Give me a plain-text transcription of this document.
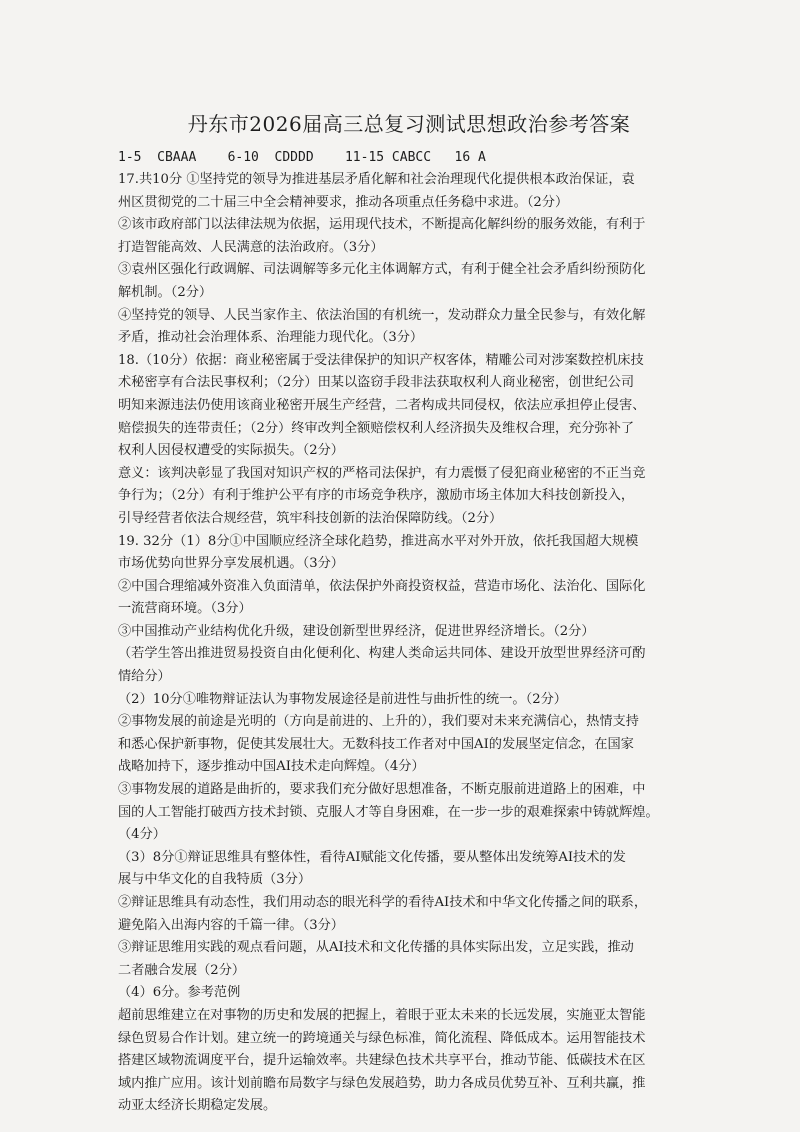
丹东市2026届高三总复习测试思想政治参考答案
1-5  CBAAA    6-10  CDDDD    11-15 CABCC   16 A
17.共10分 ①坚持党的领导为推进基层矛盾化解和社会治理现代化提供根本政治保证，袁
州区贯彻党的二十届三中全会精神要求，推动各项重点任务稳中求进。（2分）
②该市政府部门以法律法规为依据，运用现代技术，不断提高化解纠纷的服务效能，有利于
打造智能高效、人民满意的法治政府。（3分）
③袁州区强化行政调解、司法调解等多元化主体调解方式，有利于健全社会矛盾纠纷预防化
解机制。（2分）
④坚持党的领导、人民当家作主、依法治国的有机统一，发动群众力量全民参与，有效化解
矛盾，推动社会治理体系、治理能力现代化。（3分）
18.（10分）依据：商业秘密属于受法律保护的知识产权客体，精雕公司对涉案数控机床技
术秘密享有合法民事权利；（2分）田某以盗窃手段非法获取权利人商业秘密，创世纪公司
明知来源违法仍使用该商业秘密开展生产经营，二者构成共同侵权，依法应承担停止侵害、
赔偿损失的连带责任；（2分）终审改判全额赔偿权利人经济损失及维权合理，充分弥补了
权利人因侵权遭受的实际损失。（2分）
意义：该判决彰显了我国对知识产权的严格司法保护，有力震慑了侵犯商业秘密的不正当竞
争行为；（2分）有利于维护公平有序的市场竞争秩序，激励市场主体加大科技创新投入，
引导经营者依法合规经营，筑牢科技创新的法治保障防线。（2分）
19. 32分（1）8分①中国顺应经济全球化趋势，推进高水平对外开放，依托我国超大规模
市场优势向世界分享发展机遇。（3分）
②中国合理缩减外资准入负面清单，依法保护外商投资权益，营造市场化、法治化、国际化
一流营商环境。（3分）
③中国推动产业结构优化升级，建设创新型世界经济，促进世界经济增长。（2分）
（若学生答出推进贸易投资自由化便利化、构建人类命运共同体、建设开放型世界经济可酌
情给分）
（2）10分①唯物辩证法认为事物发展途径是前进性与曲折性的统一。（2分）
②事物发展的前途是光明的（方向是前进的、上升的），我们要对未来充满信心，热情支持
和悉心保护新事物，促使其发展壮大。无数科技工作者对中国AI的发展坚定信念，在国家
战略加持下，逐步推动中国AI技术走向辉煌。（4分）
③事物发展的道路是曲折的，要求我们充分做好思想准备，不断克服前进道路上的困难，中
国的人工智能打破西方技术封锁、克服人才等自身困难，在一步一步的艰难探索中铸就辉煌。
（4分）
（3）8分①辩证思维具有整体性，看待AI赋能文化传播，要从整体出发统筹AI技术的发
展与中华文化的自我特质（3分）
②辩证思维具有动态性，我们用动态的眼光科学的看待AI技术和中华文化传播之间的联系，
避免陷入出海内容的千篇一律。（3分）
③辩证思维用实践的观点看问题，从AI技术和文化传播的具体实际出发，立足实践，推动
二者融合发展（2分）
（4）6分。参考范例
超前思维建立在对事物的历史和发展的把握上，着眼于亚太未来的长远发展，实施亚太智能
绿色贸易合作计划。建立统一的跨境通关与绿色标准，简化流程、降低成本。运用智能技术
搭建区域物流调度平台，提升运输效率。共建绿色技术共享平台，推动节能、低碳技术在区
域内推广应用。该计划前瞻布局数字与绿色发展趋势，助力各成员优势互补、互利共赢，推
动亚太经济长期稳定发展。
